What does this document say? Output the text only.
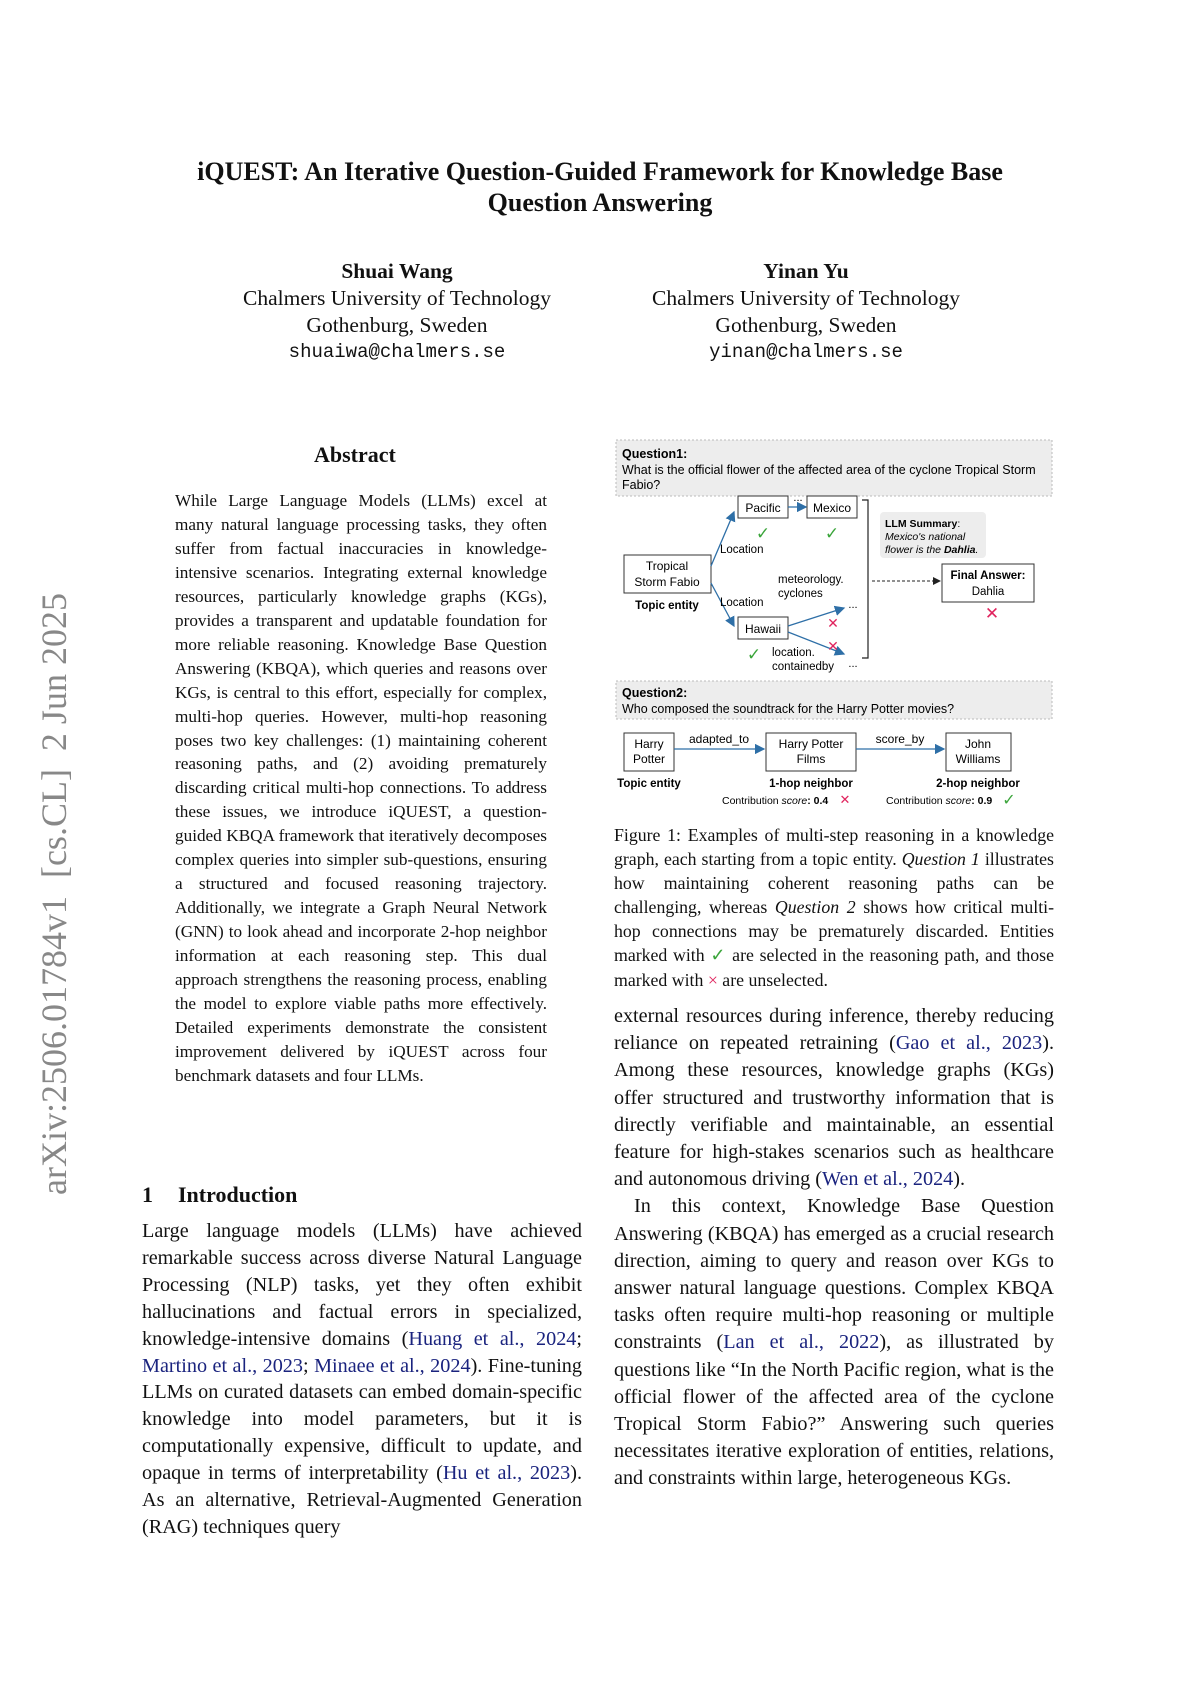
arXiv:2506.01784v1  [cs.CL]  2 Jun 2025
iQUEST: An Iterative Question-Guided Framework for Knowledge Base
Question Answering
Shuai Wang
Chalmers University of Technology
Gothenburg, Sweden
shuaiwa@chalmers.se
Yinan Yu
Chalmers University of Technology
Gothenburg, Sweden
yinan@chalmers.se
Abstract
While Large Language Models (LLMs) excel at many natural language processing tasks, they often suffer from factual inaccuracies in knowledge-intensive scenarios. Integrating external knowledge resources, particularly knowledge graphs (KGs), provides a transparent and updatable foundation for more reliable reasoning. Knowledge Base Question Answering (KBQA), which queries and reasons over KGs, is central to this effort, especially for complex, multi-hop queries. However, multi-hop reasoning poses two key challenges: (1) maintaining coherent reasoning paths, and (2) avoiding prematurely discarding critical multi-hop connections. To address these issues, we introduce iQUEST, a question-guided KBQA framework that iteratively decomposes complex queries into simpler sub-questions, ensuring a structured and focused reasoning trajectory. Additionally, we integrate a Graph Neural Network (GNN) to look ahead and incorporate 2-hop neighbor information at each reasoning step. This dual approach strengthens the reasoning process, enabling the model to explore viable paths more effectively. Detailed experiments demonstrate the consistent improvement delivered by iQUEST across four benchmark datasets and four LLMs.
1 Introduction

Large language models (LLMs) have achieved remarkable success across diverse Natural Language Processing (NLP) tasks, yet they often exhibit hallucinations and factual errors in specialized, knowledge-intensive domains (Huang et al., 2024; Martino et al., 2023; Minaee et al., 2024). Fine-tuning LLMs on curated datasets can embed domain-specific knowledge into model parameters, but it is computationally expensive, difficult to update, and opaque in terms of interpretability (Hu et al., 2023). As an alternative, Retrieval-Augmented Generation (RAG) techniques query

Question1:
What is the official flower of the affected area of the cyclone Tropical Storm
Fabio?
Tropical
Storm Fabio
Topic entity
Location
Location
Pacific
✓
...
Mexico
✓
Hawaii
✓
meteorology.
cyclones
...
✕
✕
location.
containedby ...
LLM Summary:
Mexico's national
flower is the Dahlia.
Final Answer:
Dahlia
✕
Question2:
Who composed the soundtrack for the Harry Potter movies?
Harry
Potter
Topic entity
adapted_to Harry Potter
Films
1-hop neighbor
score_by	John
Williams
2-hop neighbor
Contribution score: 0.4 ✕	Contribution score: 0.9 ✓
Figure 1: Examples of multi-step reasoning in a knowledge graph, each starting from a topic entity. Question 1 illustrates how maintaining coherent reasoning paths can be challenging, whereas Question 2 shows how critical multi-hop connections may be prematurely discarded. Entities marked with ✓ are selected in the reasoning path, and those marked with × are unselected.

external resources during inference, thereby reducing reliance on repeated retraining (Gao et al., 2023). Among these resources, knowledge graphs (KGs) offer structured and trustworthy information that is directly verifiable and maintainable, an essential feature for high-stakes scenarios such as healthcare and autonomous driving (Wen et al., 2024).

In this context, Knowledge Base Question Answering (KBQA) has emerged as a crucial research direction, aiming to query and reason over KGs to answer natural language questions. Complex KBQA tasks often require multi-hop reasoning or multiple constraints (Lan et al., 2022), as illustrated by questions like “In the North Pacific region, what is the official flower of the affected area of the cyclone Tropical Storm Fabio?” Answering such queries necessitates iterative exploration of entities, relations, and constraints within large, heterogeneous KGs.
